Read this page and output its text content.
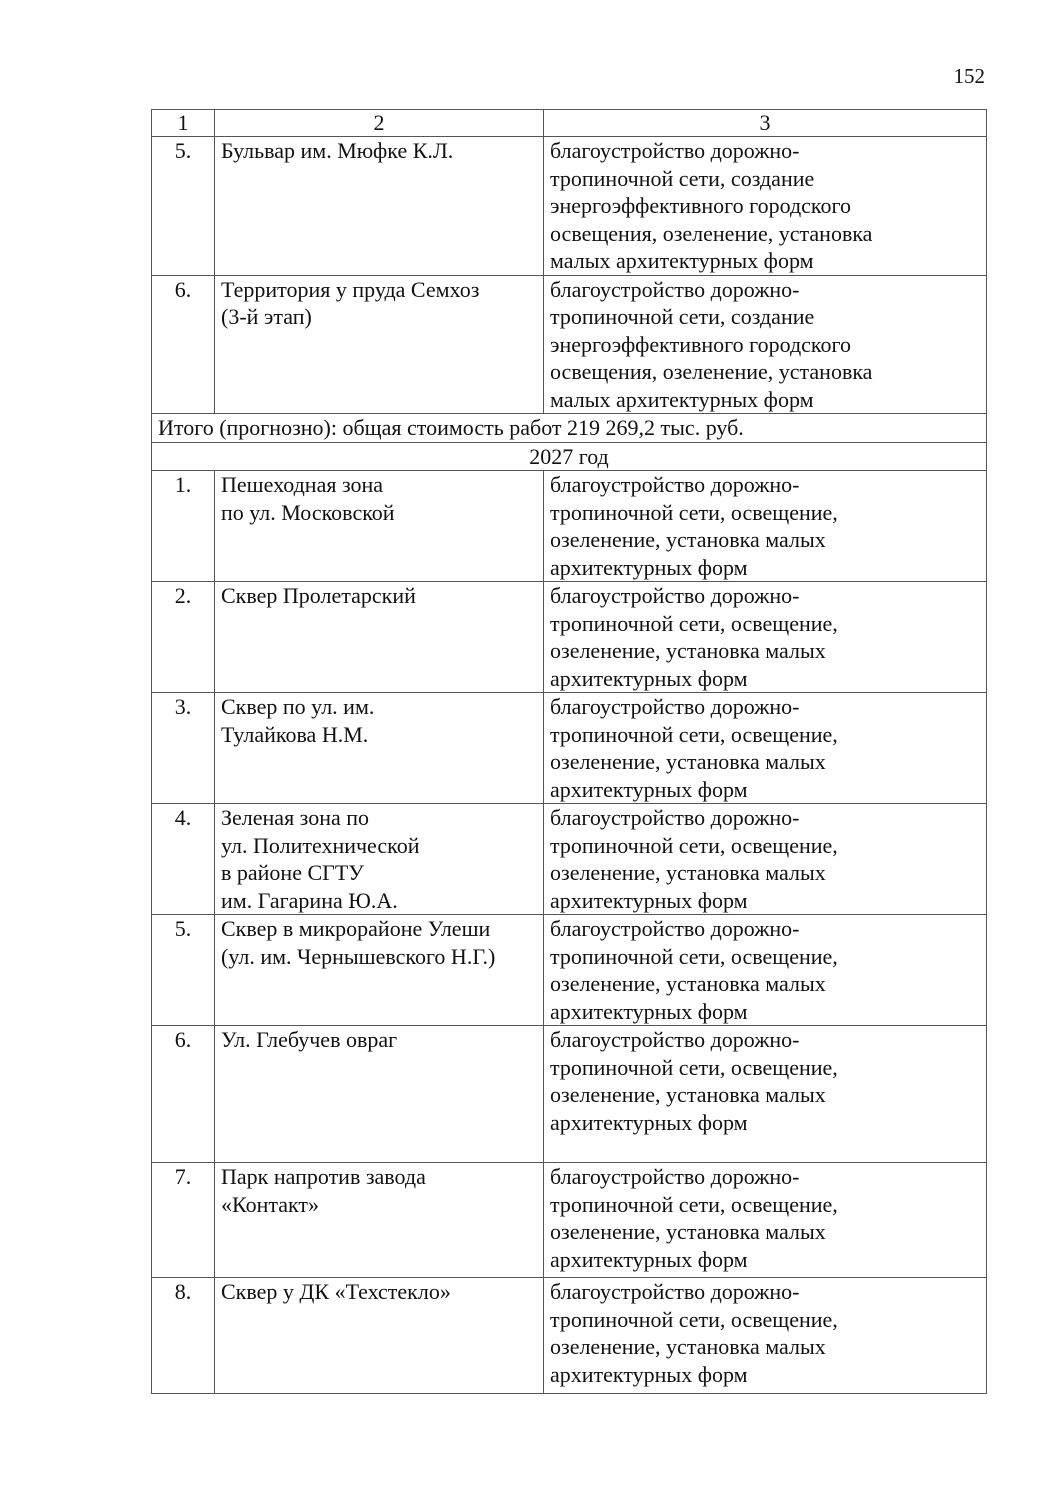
152
1	2	3
5.	Бульвар им. Мюфке К.Л.	благоустройство дорожно-
тропиночной сети, создание
энергоэффективного городского
освещения, озеленение, установка
малых архитектурных форм

6.	Территория у пруда Семхоз
(3-й этап)	благоустройство дорожно-
тропиночной сети, создание
энергоэффективного городского
освещения, озеленение, установка
малых архитектурных форм

Итого (прогнозно): общая стоимость работ 219 269,2 тыс. руб.		
2027 год		
1.	Пешеходная зона
по ул. Московской	благоустройство дорожно-
тропиночной сети, освещение,
озеленение, установка малых
архитектурных форм

2.	Сквер Пролетарский	благоустройство дорожно-
тропиночной сети, освещение,
озеленение, установка малых
архитектурных форм

3.	Сквер по ул. им.
Тулайкова Н.М.	благоустройство дорожно-
тропиночной сети, освещение,
озеленение, установка малых
архитектурных форм

4.	Зеленая зона по
ул. Политехнической
в районе СГТУ
им. Гагарина Ю.А.	благоустройство дорожно-
тропиночной сети, освещение,
озеленение, установка малых
архитектурных форм

5.	Сквер в микрорайоне Улеши
(ул. им. Чернышевского Н.Г.)	благоустройство дорожно-
тропиночной сети, освещение,
озеленение, установка малых
архитектурных форм

6.	Ул. Глебучев овраг	благоустройство дорожно-
тропиночной сети, освещение,
озеленение, установка малых
архитектурных форм

7.	Парк напротив завода
«Контакт»	благоустройство дорожно-
тропиночной сети, освещение,
озеленение, установка малых
архитектурных форм

8.	Сквер у ДК «Техстекло»	благоустройство дорожно-
тропиночной сети, освещение,
озеленение, установка малых
архитектурных форм
